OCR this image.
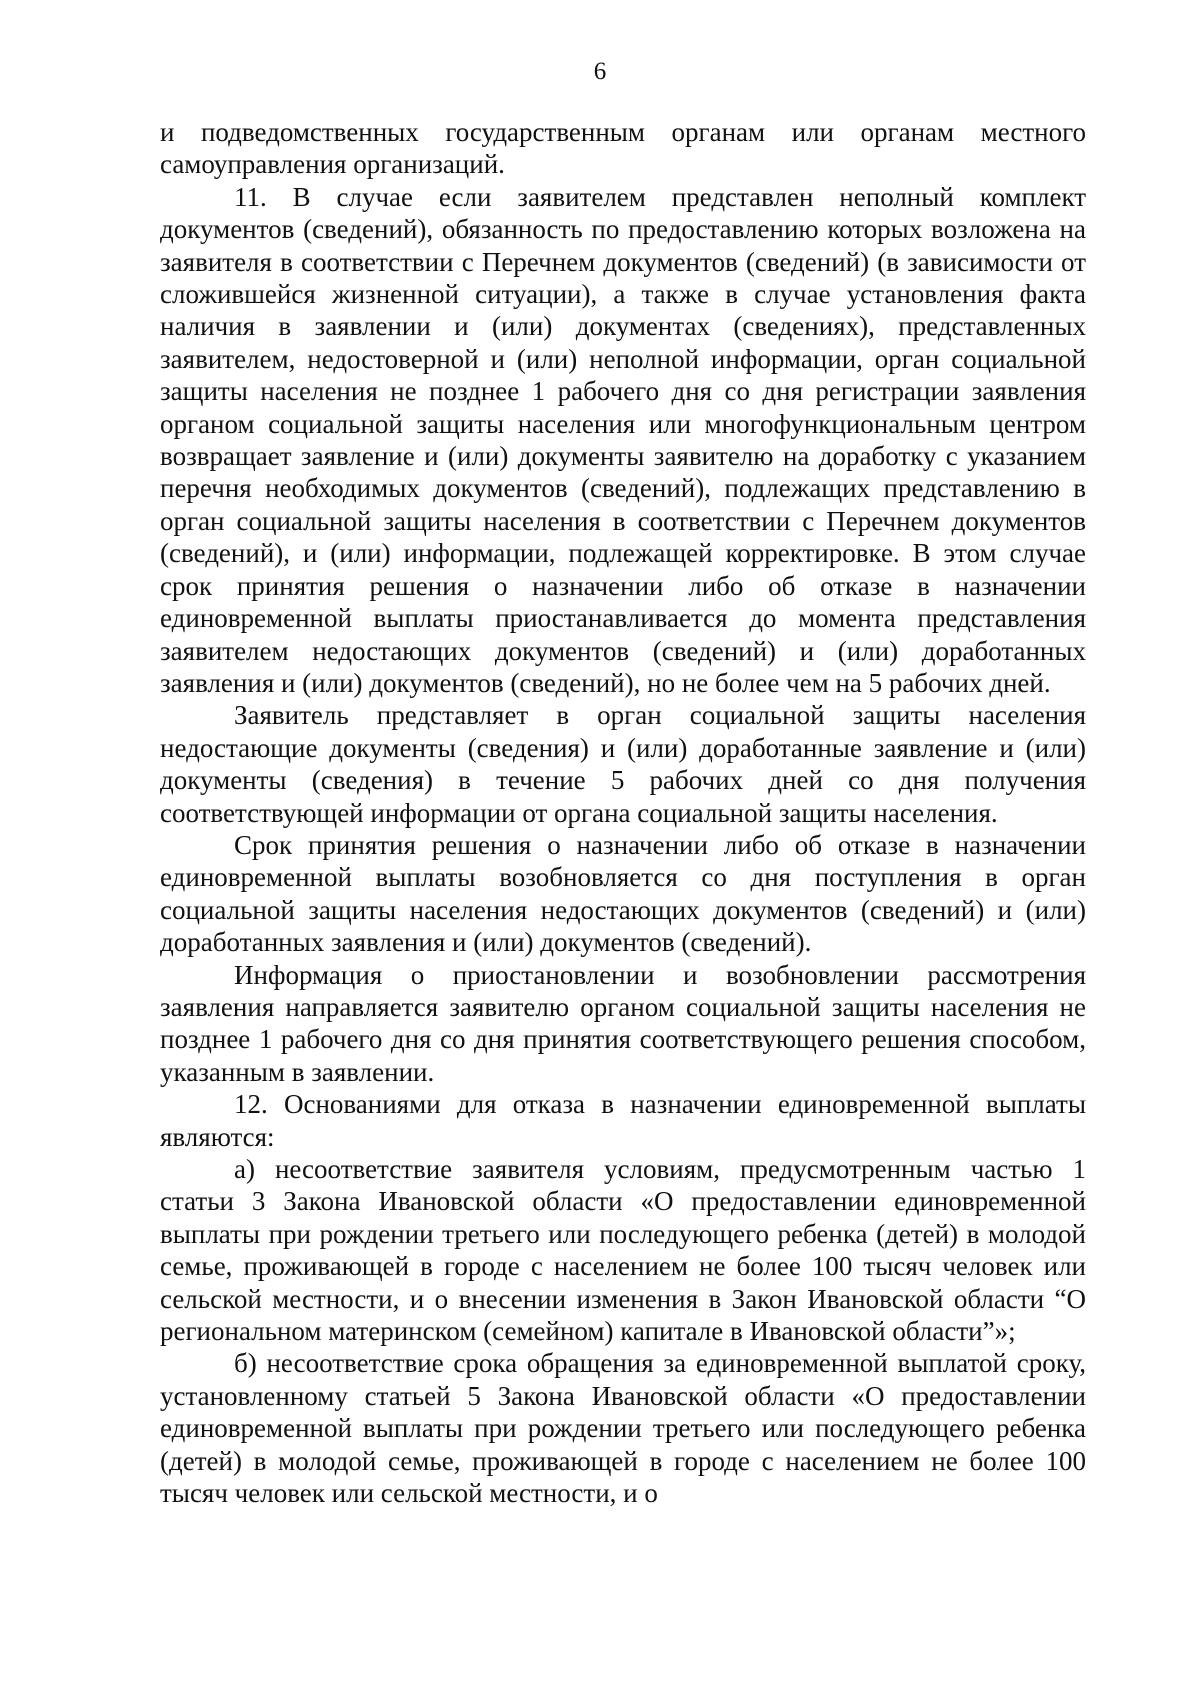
6

и подведомственных государственным органам или органам местного самоуправления организаций.

11. В случае если заявителем представлен неполный комплект документов (сведений), обязанность по предоставлению которых возложена на заявителя в соответствии с Перечнем документов (сведений) (в зависимости от сложившейся жизненной ситуации), а также в случае установления факта наличия в заявлении и (или) документах (сведениях), представленных заявителем, недостоверной и (или) неполной информации, орган социальной защиты населения не позднее 1 рабочего дня со дня регистрации заявления органом социальной защиты населения или многофункциональным центром возвращает заявление и (или) документы заявителю на доработку с указанием перечня необходимых документов (сведений), подлежащих представлению в орган социальной защиты населения в соответствии с Перечнем документов (сведений), и (или) информации, подлежащей корректировке. В этом случае срок принятия решения о назначении либо об отказе в назначении единовременной выплаты приостанавливается до момента представления заявителем недостающих документов (сведений) и (или) доработанных заявления и (или) документов (сведений), но не более чем на 5 рабочих дней.

Заявитель представляет в орган социальной защиты населения недостающие документы (сведения) и (или) доработанные заявление и (или) документы (сведения) в течение 5 рабочих дней со дня получения соответствующей информации от органа социальной защиты населения.

Срок принятия решения о назначении либо об отказе в назначении единовременной выплаты возобновляется со дня поступления в орган социальной защиты населения недостающих документов (сведений) и (или) доработанных заявления и (или) документов (сведений).

Информация о приостановлении и возобновлении рассмотрения заявления направляется заявителю органом социальной защиты населения не позднее 1 рабочего дня со дня принятия соответствующего решения способом, указанным в заявлении.

12. Основаниями для отказа в назначении единовременной выплаты являются:

а) несоответствие заявителя условиям, предусмотренным частью 1 статьи 3 Закона Ивановской области «О предоставлении единовременной выплаты при рождении третьего или последующего ребенка (детей) в молодой семье, проживающей в городе с населением не более 100 тысяч человек или сельской местности, и о внесении изменения в Закон Ивановской области “О региональном материнском (семейном) капитале в Ивановской области”»;

б) несоответствие срока обращения за единовременной выплатой сроку, установленному статьей 5 Закона Ивановской области «О предоставлении единовременной выплаты при рождении третьего или последующего ребенка (детей) в молодой семье, проживающей в городе с населением не более 100 тысяч человек или сельской местности, и о
